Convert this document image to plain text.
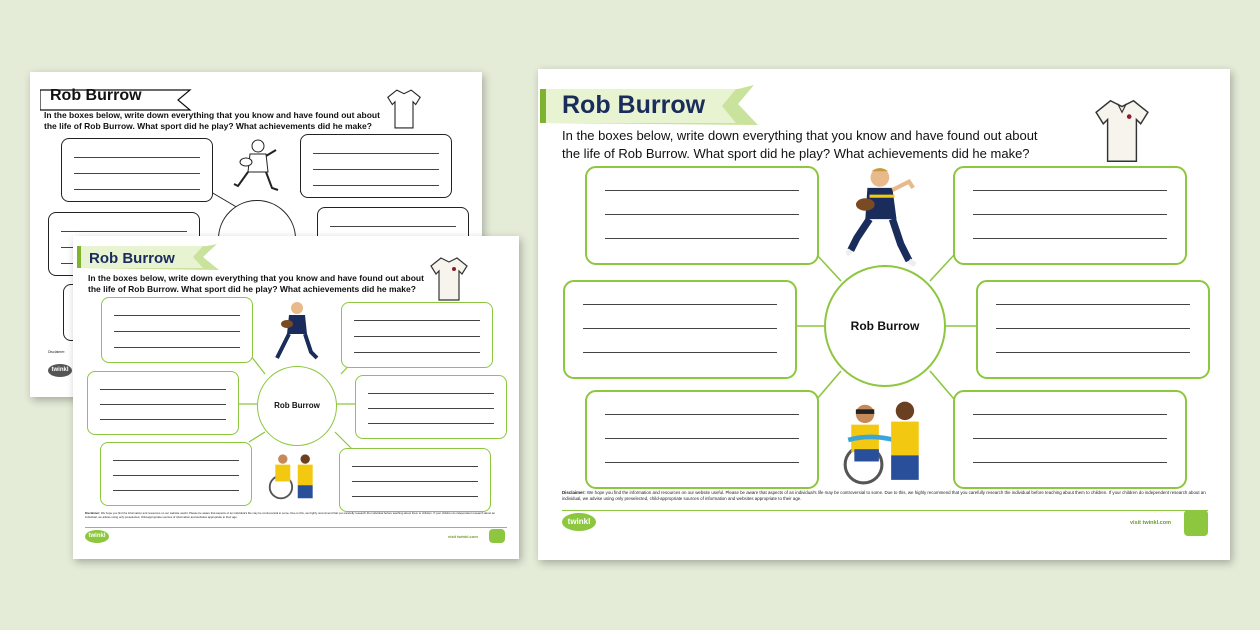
Rob Burrow

In the boxes below, write down everything that you know and have found out about
the life of Rob Burrow. What sport did he play? What achievements did he make?

Disclaimer:

twinkl
Rob Burrow

In the boxes below, write down everything that you know and have found out about
the life of Rob Burrow. What sport did he play? What achievements did he make?

Rob Burrow

Disclaimer: We hope you find the information and resources on our website useful. Please be aware that aspects of an individual's life may be controversial to some. Due to this, we highly recommend that you carefully research the individual before teaching about them to children. If your children do independent research about an individual, we advise using only preselected, child-appropriate sources of information and websites appropriate to their age.

twinkl	visit twinkl.com
Rob Burrow

In the boxes below, write down everything that you know and have found out about
the life of Rob Burrow. What sport did he play? What achievements did he make?

Rob Burrow

Disclaimer: We hope you find the information and resources on our website useful. Please be aware that aspects of an individual's life may be controversial to some. Due to this, we highly recommend that you carefully research the individual before teaching about them to children. If your children do independent research about an individual, we advise using only preselected, child-appropriate sources of information and websites appropriate to their age.

twinkl	visit twinkl.com
